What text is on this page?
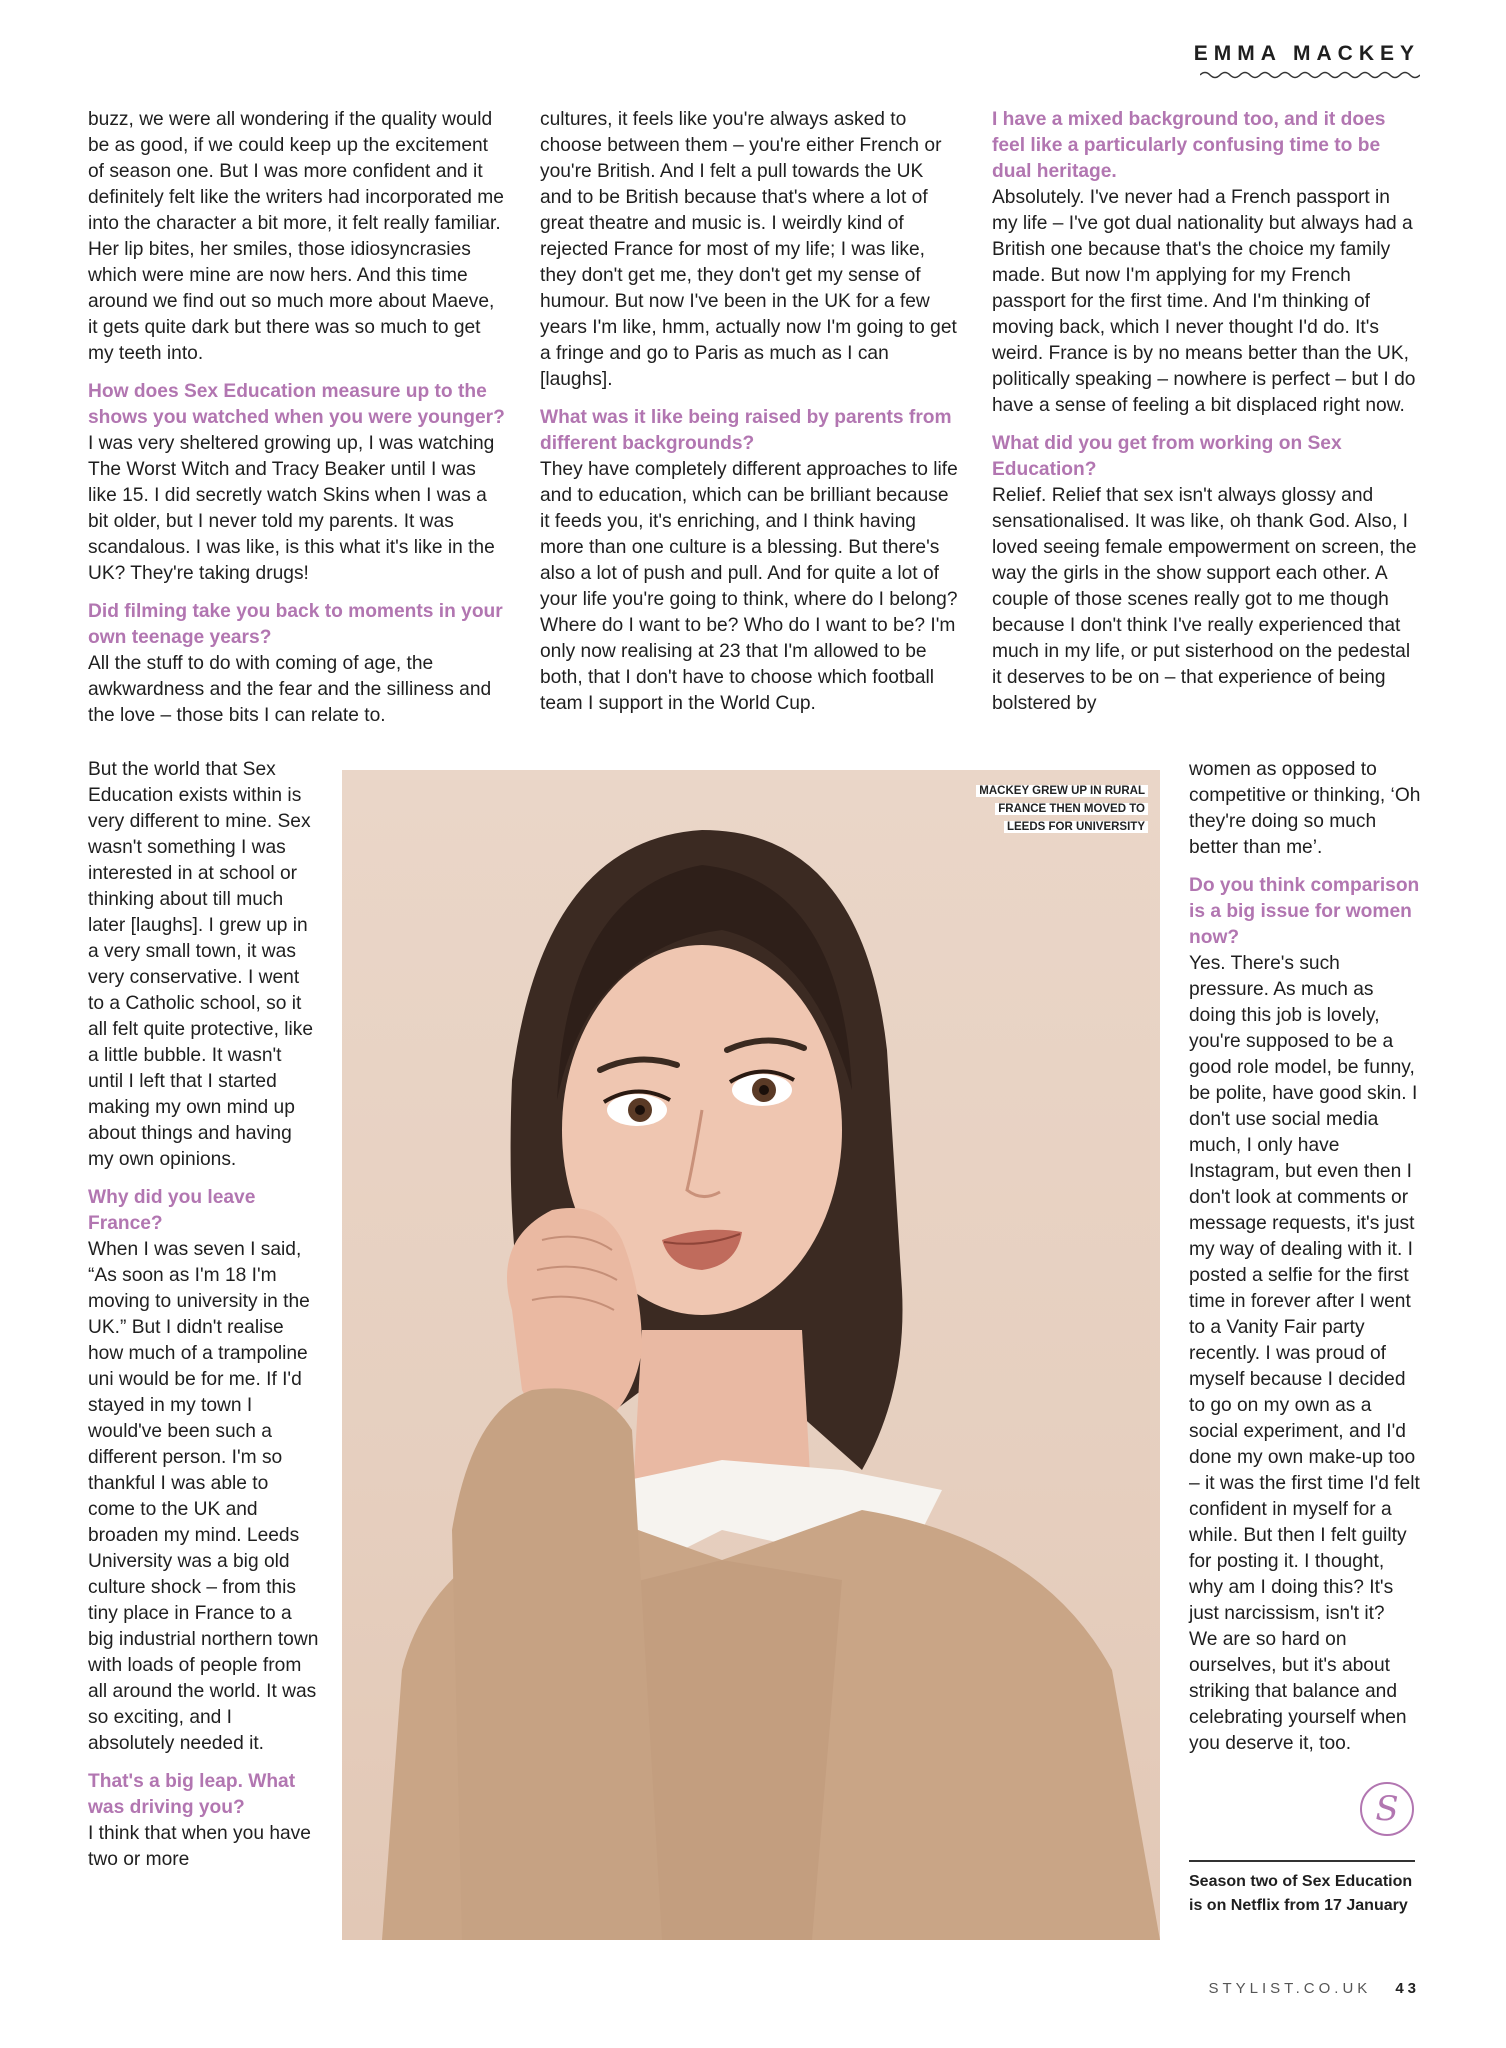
EMMA MACKEY

buzz, we were all wondering if the quality would be as good, if we could keep up the excitement of season one. But I was more confident and it definitely felt like the writers had incorporated me into the character a bit more, it felt really familiar. Her lip bites, her smiles, those idiosyncrasies which were mine are now hers. And this time around we find out so much more about Maeve, it gets quite dark but there was so much to get my teeth into.

How does Sex Education measure up to the shows you watched when you were younger?

I was very sheltered growing up, I was watching The Worst Witch and Tracy Beaker until I was like 15. I did secretly watch Skins when I was a bit older, but I never told my parents. It was scandalous. I was like, is this what it's like in the UK? They're taking drugs!

Did filming take you back to moments in your own teenage years?

All the stuff to do with coming of age, the awkwardness and the fear and the silliness and the love – those bits I can relate to.

But the world that Sex Education exists within is very different to mine. Sex wasn't something I was interested in at school or thinking about till much later [laughs]. I grew up in a very small town, it was very conservative. I went to a Catholic school, so it all felt quite protective, like a little bubble. It wasn't until I left that I started making my own mind up about things and having my own opinions.

Why did you leave France?

When I was seven I said, “As soon as I'm 18 I'm moving to university in the UK.” But I didn't realise how much of a trampoline uni would be for me. If I'd stayed in my town I would've been such a different person. I'm so thankful I was able to come to the UK and broaden my mind. Leeds University was a big old culture shock – from this tiny place in France to a big industrial northern town with loads of people from all around the world. It was so exciting, and I absolutely needed it.

That's a big leap. What was driving you?

I think that when you have two or more

cultures, it feels like you're always asked to choose between them – you're either French or you're British. And I felt a pull towards the UK and to be British because that's where a lot of great theatre and music is. I weirdly kind of rejected France for most of my life; I was like, they don't get me, they don't get my sense of humour. But now I've been in the UK for a few years I'm like, hmm, actually now I'm going to get a fringe and go to Paris as much as I can [laughs].

What was it like being raised by parents from different backgrounds?

They have completely different approaches to life and to education, which can be brilliant because it feeds you, it's enriching, and I think having more than one culture is a blessing. But there's also a lot of push and pull. And for quite a lot of your life you're going to think, where do I belong? Where do I want to be? Who do I want to be? I'm only now realising at 23 that I'm allowed to be both, that I don't have to choose which football team I support in the World Cup.

I have a mixed background too, and it does feel like a particularly confusing time to be dual heritage.

Absolutely. I've never had a French passport in my life – I've got dual nationality but always had a British one because that's the choice my family made. But now I'm applying for my French passport for the first time. And I'm thinking of moving back, which I never thought I'd do. It's weird. France is by no means better than the UK, politically speaking – nowhere is perfect – but I do have a sense of feeling a bit displaced right now.

What did you get from working on Sex Education?

Relief. Relief that sex isn't always glossy and sensationalised. It was like, oh thank God. Also, I loved seeing female empowerment on screen, the way the girls in the show support each other. A couple of those scenes really got to me though because I don't think I've really experienced that much in my life, or put sisterhood on the pedestal it deserves to be on – that experience of being bolstered by

women as opposed to competitive or thinking, ‘Oh they're doing so much better than me’.

Do you think comparison is a big issue for women now?

Yes. There's such pressure. As much as doing this job is lovely, you're supposed to be a good role model, be funny, be polite, have good skin. I don't use social media much, I only have Instagram, but even then I don't look at comments or message requests, it's just my way of dealing with it. I posted a selfie for the first time in forever after I went to a Vanity Fair party recently. I was proud of myself because I decided to go on my own as a social experiment, and I'd done my own make-up too – it was the first time I'd felt confident in myself for a while. But then I felt guilty for posting it. I thought, why am I doing this? It's just narcissism, isn't it?

We are so hard on ourselves, but it's about striking that balance and celebrating yourself when you deserve it, too.

MACKEY GREW UP IN RURAL
FRANCE THEN MOVED TO
LEEDS FOR UNIVERSITY
S
Season two of Sex Education is on Netflix from 17 January
STYLIST.CO.UK 43
